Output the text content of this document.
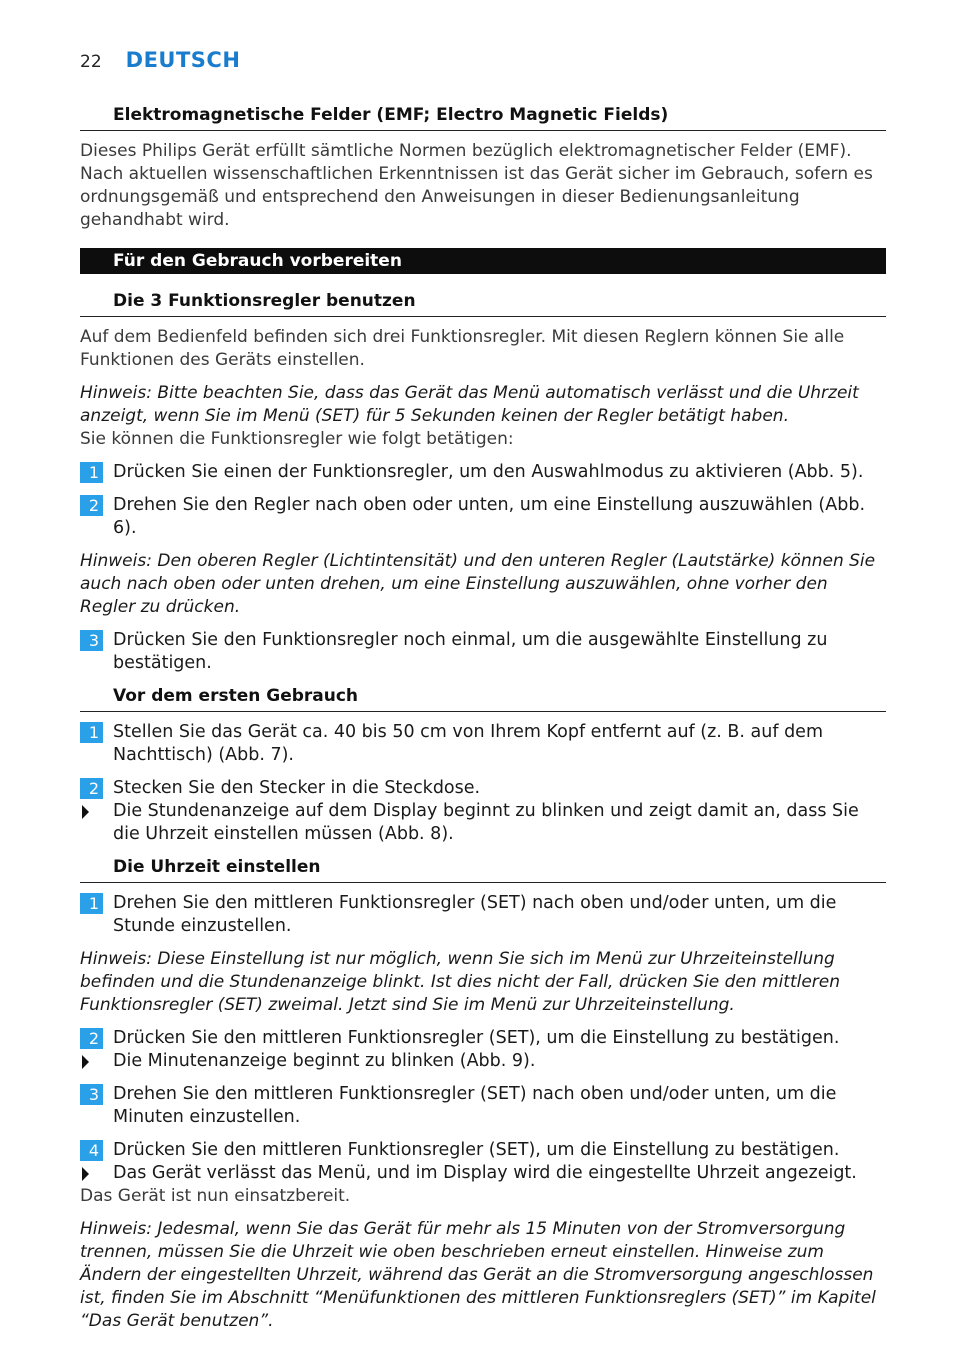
22 DEUTSCH
Elektromagnetische Felder (EMF; Electro Magnetic Fields)

Dieses Philips Gerät erfüllt sämtliche Normen bezüglich elektromagnetischer Felder (EMF). Nach aktuellen wissenschaftlichen Erkenntnissen ist das Gerät sicher im Gebrauch, sofern es ordnungsgemäß und entsprechend den Anweisungen in dieser Bedienungsanleitung gehandhabt wird.

Für den Gebrauch vorbereiten
Die 3 Funktionsregler benutzen

Auf dem Bedienfeld befinden sich drei Funktionsregler. Mit diesen Reglern können Sie alle Funktionen des Geräts einstellen.

Hinweis: Bitte beachten Sie, dass das Gerät das Menü automatisch verlässt und die Uhrzeit anzeigt, wenn Sie im Menü (SET) für 5 Sekunden keinen der Regler betätigt haben.

Sie können die Funktionsregler wie folgt betätigen:

1 Drücken Sie einen der Funktionsregler, um den Auswahlmodus zu aktivieren (Abb. 5).
2 Drehen Sie den Regler nach oben oder unten, um eine Einstellung auszuwählen (Abb. 6).

Hinweis: Den oberen Regler (Lichtintensität) und den unteren Regler (Lautstärke) können Sie auch nach oben oder unten drehen, um eine Einstellung auszuwählen, ohne vorher den Regler zu drücken.

3 Drücken Sie den Funktionsregler noch einmal, um die ausgewählte Einstellung zu bestätigen.
Vor dem ersten Gebrauch
1 Stellen Sie das Gerät ca. 40 bis 50 cm von Ihrem Kopf entfernt auf (z. B. auf dem Nachttisch) (Abb. 7).
2 Stecken Sie den Stecker in die Steckdose.
Die Stundenanzeige auf dem Display beginnt zu blinken und zeigt damit an, dass Sie die Uhrzeit einstellen müssen (Abb. 8).
Die Uhrzeit einstellen
1 Drehen Sie den mittleren Funktionsregler (SET) nach oben und/oder unten, um die Stunde einzustellen.

Hinweis: Diese Einstellung ist nur möglich, wenn Sie sich im Menü zur Uhrzeiteinstellung befinden und die Stundenanzeige blinkt. Ist dies nicht der Fall, drücken Sie den mittleren Funktionsregler (SET) zweimal. Jetzt sind Sie im Menü zur Uhrzeiteinstellung.

2 Drücken Sie den mittleren Funktionsregler (SET), um die Einstellung zu bestätigen.
Die Minutenanzeige beginnt zu blinken (Abb. 9).
3 Drehen Sie den mittleren Funktionsregler (SET) nach oben und/oder unten, um die Minuten einzustellen.
4 Drücken Sie den mittleren Funktionsregler (SET), um die Einstellung zu bestätigen.
Das Gerät verlässt das Menü, und im Display wird die eingestellte Uhrzeit angezeigt.

Das Gerät ist nun einsatzbereit.

Hinweis: Jedesmal, wenn Sie das Gerät für mehr als 15 Minuten von der Stromversorgung trennen, müssen Sie die Uhrzeit wie oben beschrieben erneut einstellen. Hinweise zum Ändern der eingestellten Uhrzeit, während das Gerät an die Stromversorgung angeschlossen ist, finden Sie im Abschnitt “Menüfunktionen des mittleren Funktionsreglers (SET)” im Kapitel “Das Gerät benutzen”.
